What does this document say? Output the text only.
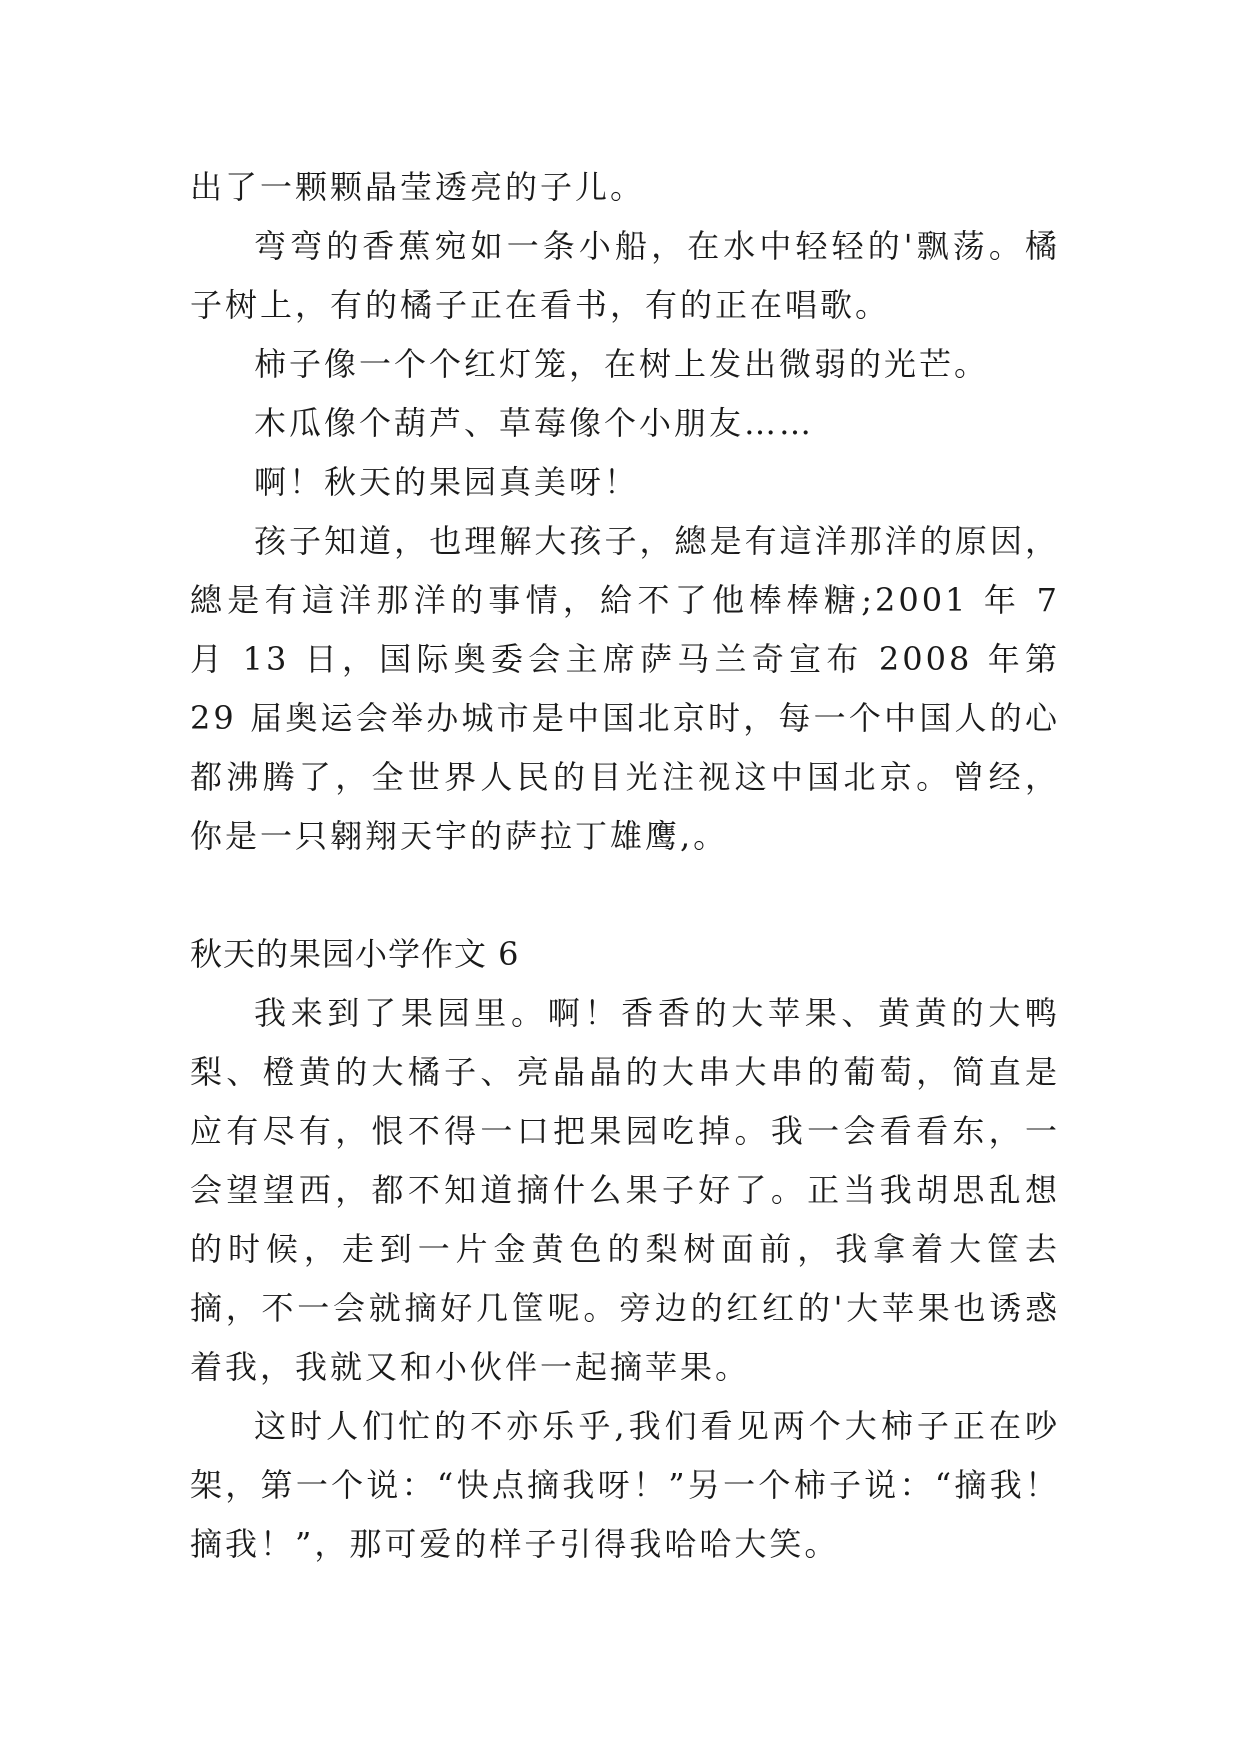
出了一颗颗晶莹透亮的子儿。

弯弯的香蕉宛如一条小船，在水中轻轻的'飘荡。橘子树上，有的橘子正在看书，有的正在唱歌。

柿子像一个个红灯笼，在树上发出微弱的光芒。

木瓜像个葫芦、草莓像个小朋友……

啊！秋天的果园真美呀！

孩子知道，也理解大孩子，總是有這洋那洋的原因，總是有這洋那洋的事情，給不了他棒棒糖;2001 年 7 月 13 日，国际奥委会主席萨马兰奇宣布 2008 年第 29 届奥运会举办城市是中国北京时，每一个中国人的心都沸腾了，全世界人民的目光注视这中国北京。曾经，你是一只翱翔天宇的萨拉丁雄鹰,。

秋天的果园小学作文 6

我来到了果园里。啊！香香的大苹果、黄黄的大鸭梨、橙黄的大橘子、亮晶晶的大串大串的葡萄，简直是应有尽有，恨不得一口把果园吃掉。我一会看看东，一会望望西，都不知道摘什么果子好了。正当我胡思乱想的时候，走到一片金黄色的梨树面前，我拿着大筐去摘，不一会就摘好几筐呢。旁边的红红的'大苹果也诱惑着我，我就又和小伙伴一起摘苹果。

这时人们忙的不亦乐乎,我们看见两个大柿子正在吵架，第一个说：“快点摘我呀！”另一个柿子说：“摘我！摘我！”，那可爱的样子引得我哈哈大笑。
